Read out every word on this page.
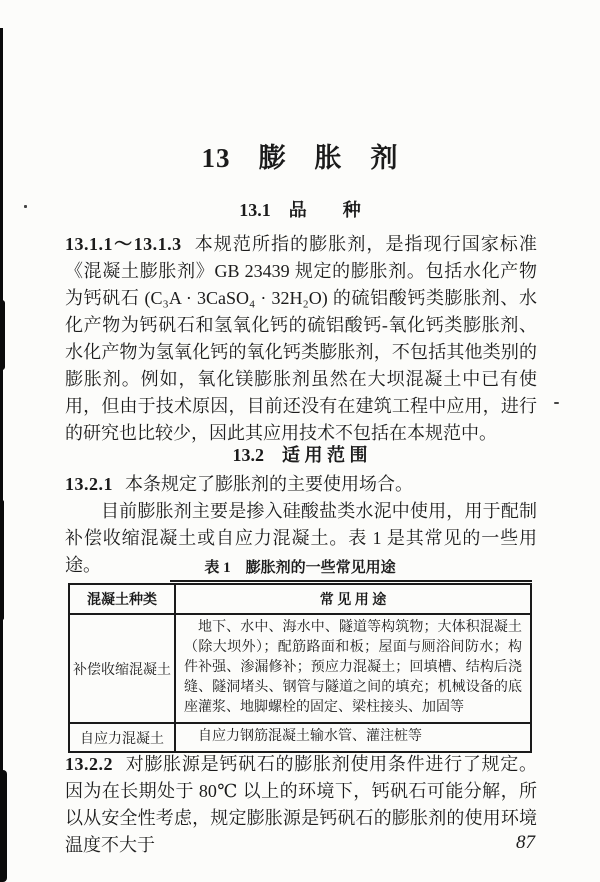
13　膨　胀　剂
13.1　品　　种

13.1.1～13.1.3 本规范所指的膨胀剂，是指现行国家标准《混凝土膨胀剂》GB 23439 规定的膨胀剂。包括水化产物为钙矾石 (C₃A · 3CaSO₄ · 32H₂O) 的硫铝酸钙类膨胀剂、水化产物为钙矾石和氢氧化钙的硫铝酸钙-氧化钙类膨胀剂、水化产物为氢氧化钙的氧化钙类膨胀剂，不包括其他类别的膨胀剂。例如，氧化镁膨胀剂虽然在大坝混凝土中已有使用，但由于技术原因，目前还没有在建筑工程中应用，进行的研究也比较少，因此其应用技术不包括在本规范中。

13.2　适 用 范 围

13.2.1 本条规定了膨胀剂的主要使用场合。

目前膨胀剂主要是掺入硅酸盐类水泥中使用，用于配制补偿收缩混凝土或自应力混凝土。表 1 是其常见的一些用途。	表 1　膨胀剂的一些常见用途

混凝土种类	常 见 用 途
补偿收缩混凝土	地下、水中、海水中、隧道等构筑物；大体积混凝土（除大坝外）；配筋路面和板；屋面与厕浴间防水；构件补强、渗漏修补；预应力混凝土；回填槽、结构后浇缝、隧洞堵头、钢管与隧道之间的填充；机械设备的底座灌浆、地脚螺栓的固定、梁柱接头、加固等
自应力混凝土	自应力钢筋混凝土输水管、灌注桩等

13.2.2 对膨胀源是钙矾石的膨胀剂使用条件进行了规定。因为在长期处于 80℃ 以上的环境下，钙矾石可能分解，所以从安全性考虑，规定膨胀源是钙矾石的膨胀剂的使用环境温度不大于	87
